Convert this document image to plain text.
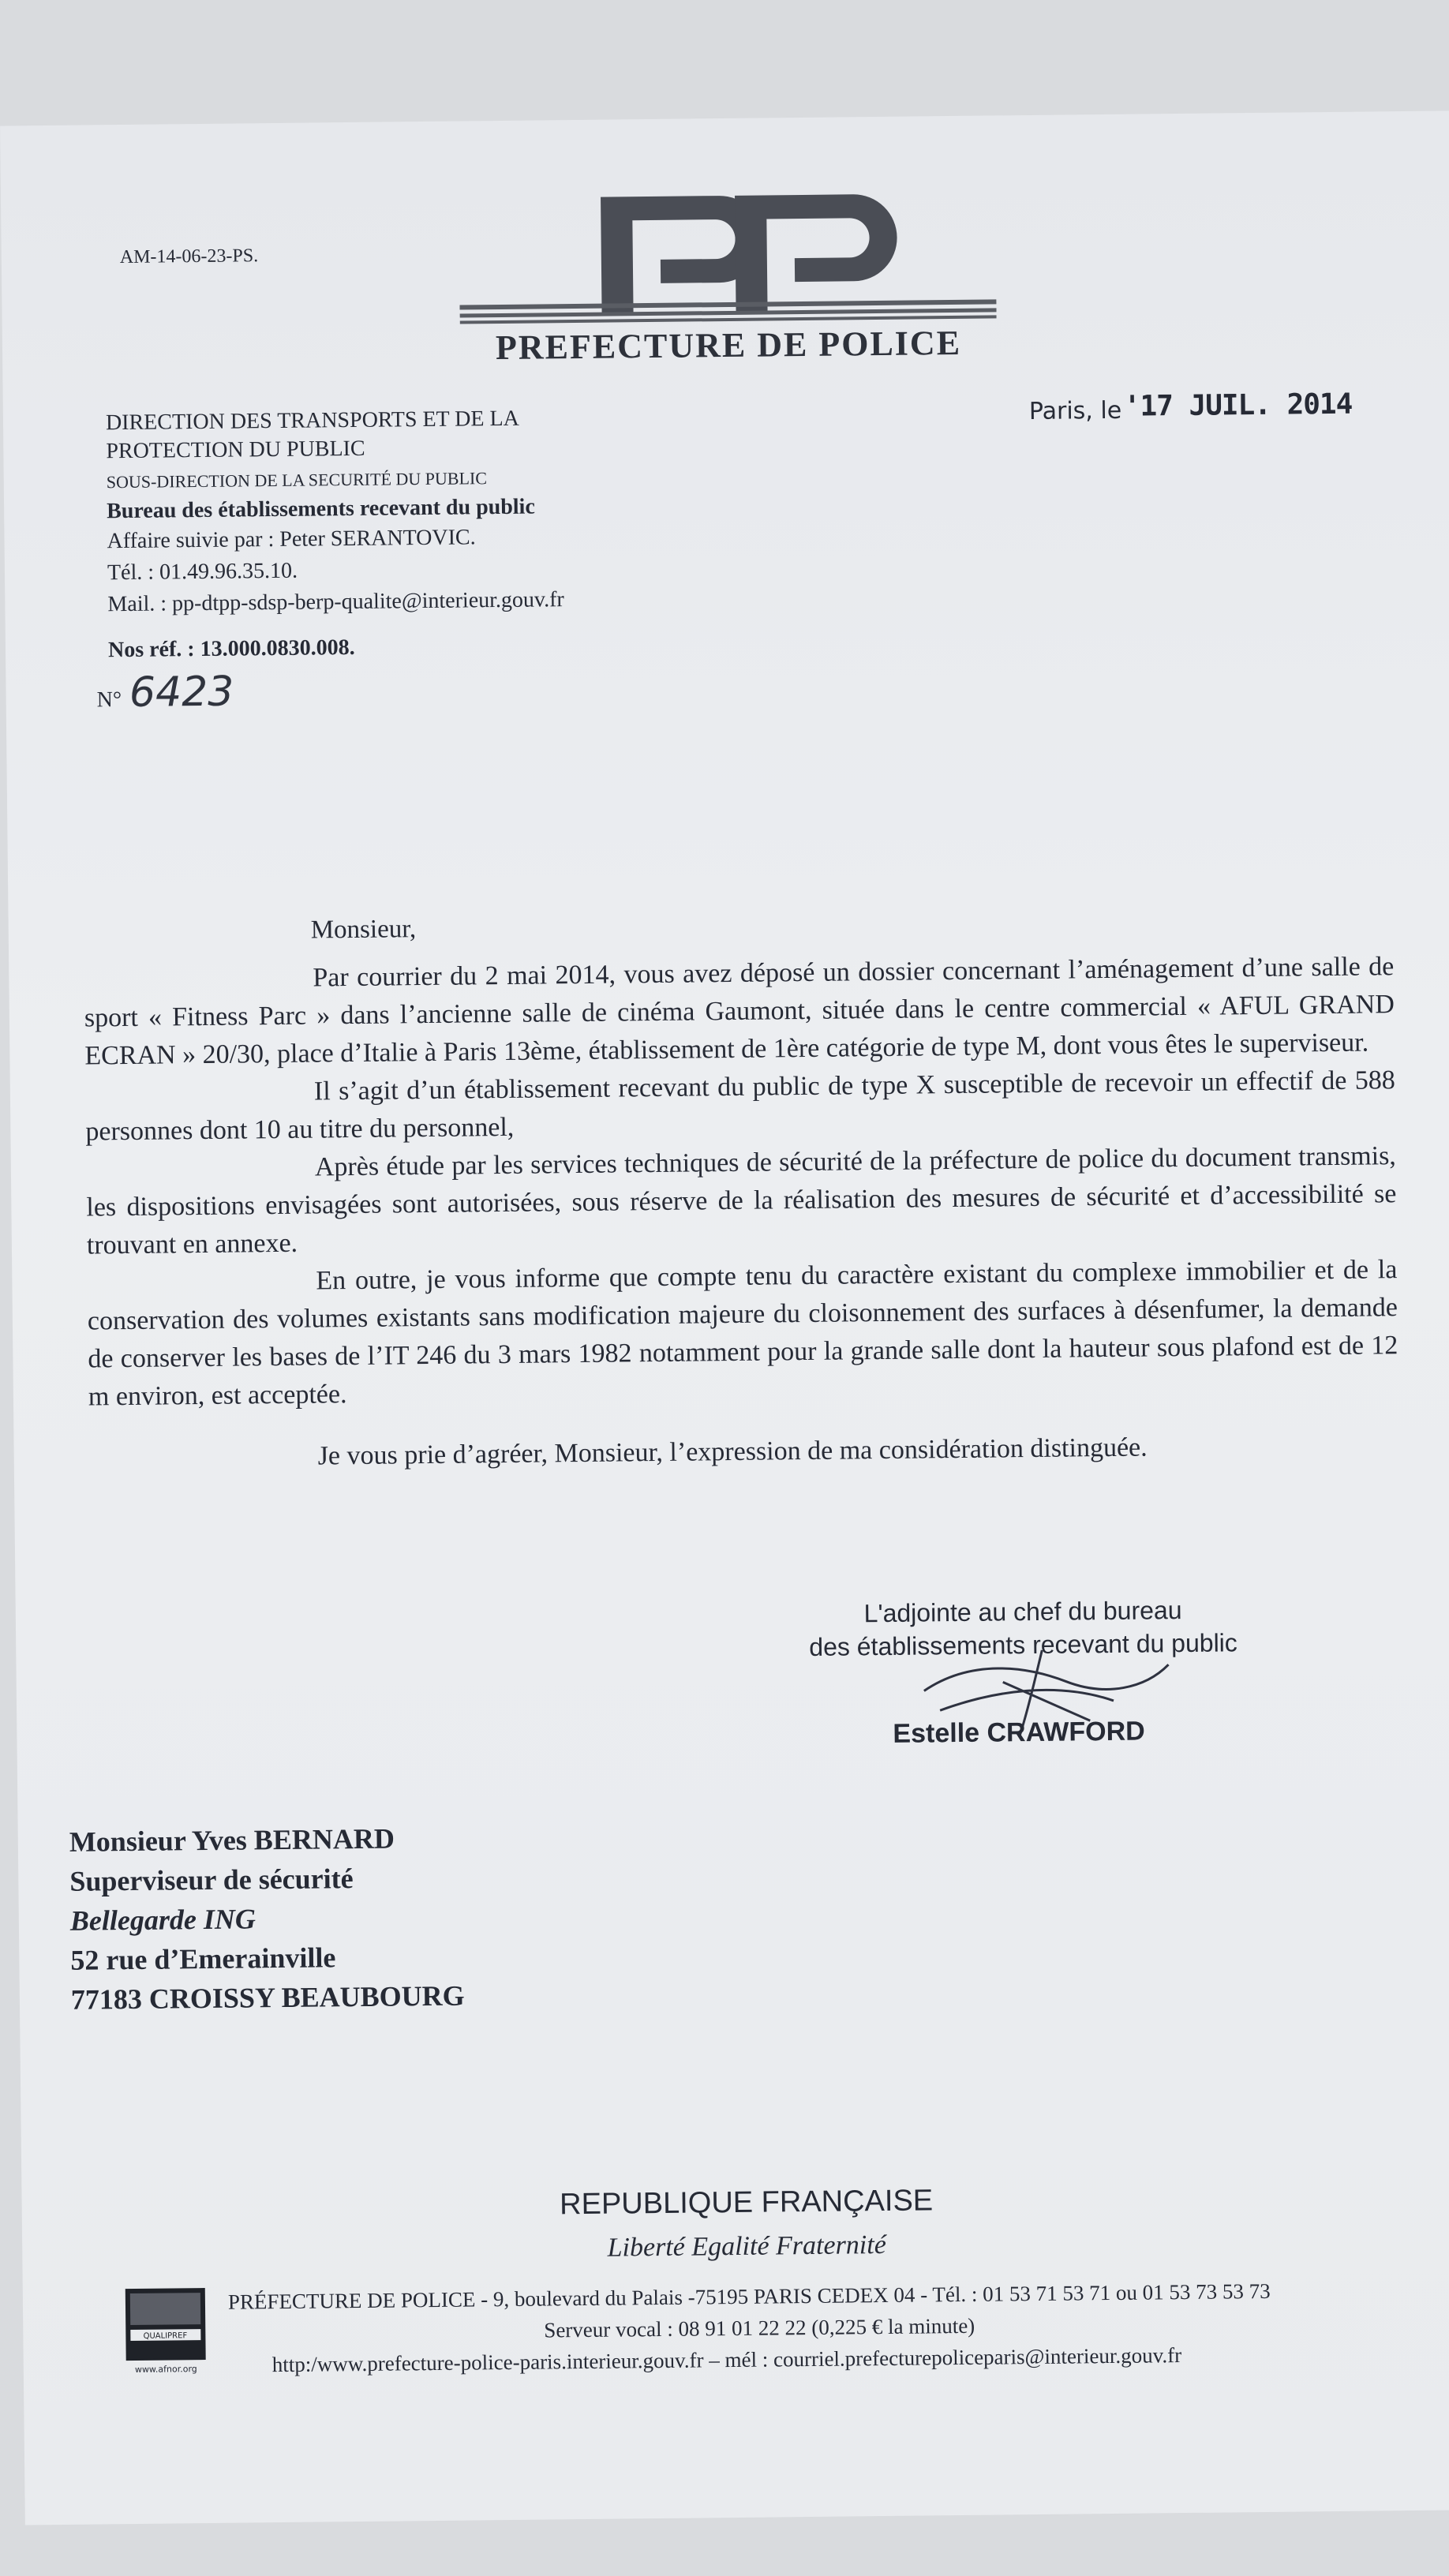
AM-14-06-23-PS.
PREFECTURE DE POLICE
Paris, le '17 JUIL. 2014
DIRECTION DES TRANSPORTS ET DE LA
PROTECTION DU PUBLIC
SOUS-DIRECTION DE LA SECURITÉ DU PUBLIC
Bureau des établissements recevant du public
Affaire suivie par : Peter SERANTOVIC.
Tél. : 01.49.96.35.10.
Mail. : pp-dtpp-sdsp-berp-qualite@interieur.gouv.fr
Nos réf. : 13.000.0830.008.
N° 6423
Monsieur,

Par courrier du 2 mai 2014, vous avez déposé un dossier concernant l’aménagement d’une salle de sport « Fitness Parc » dans l’ancienne salle de cinéma Gaumont, située dans le centre commercial « AFUL GRAND ECRAN » 20/30, place d’Italie à Paris 13ème, établissement de 1ère catégorie de type M, dont vous êtes le superviseur.

Il s’agit d’un établissement recevant du public de type X susceptible de recevoir un effectif de 588 personnes dont 10 au titre du personnel,

Après étude par les services techniques de sécurité de la préfecture de police du document transmis, les dispositions envisagées sont autorisées, sous réserve de la réalisation des mesures de sécurité et d’accessibilité se trouvant en annexe.

En outre, je vous informe que compte tenu du caractère existant du complexe immobilier et de la conservation des volumes existants sans modification majeure du cloisonnement des surfaces à désenfumer, la demande de conserver les bases de l’IT 246 du 3 mars 1982 notamment pour la grande salle dont la hauteur sous plafond est de 12 m environ, est acceptée.

Je vous prie d’agréer, Monsieur, l’expression de ma considération distinguée.

L'adjointe au chef du bureau
des établissements recevant du public
Estelle CRAWFORD
Monsieur Yves BERNARD
Superviseur de sécurité
Bellegarde ING
52 rue d’Emerainville
77183 CROISSY BEAUBOURG
REPUBLIQUE FRANÇAISE
Liberté Egalité Fraternité
QUALIPREF
www.afnor.org
PRÉFECTURE DE POLICE - 9, boulevard du Palais -75195 PARIS CEDEX 04 - Tél. : 01 53 71 53 71 ou 01 53 73 53 73
Serveur vocal : 08 91 01 22 22 (0,225 € la minute)
http:/www.prefecture-police-paris.interieur.gouv.fr – mél : courriel.prefecturepoliceparis@interieur.gouv.fr
